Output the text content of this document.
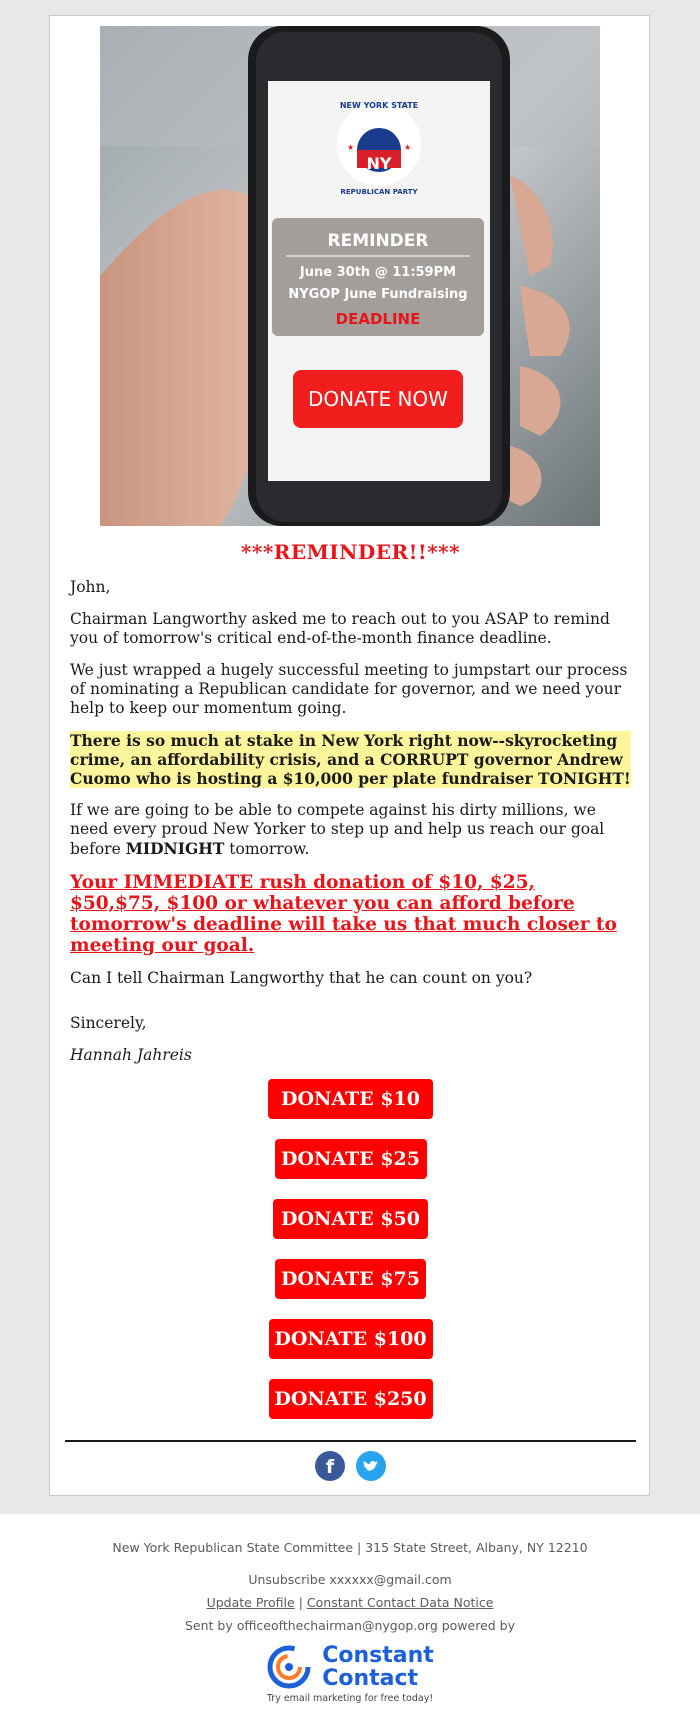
NY
NEW YORK STATE
REPUBLICAN PARTY
★	★
REMINDER
June 30th @ 11:59PM
NYGOP June Fundraising
DEADLINE
DONATE NOW
***REMINDER!!***

John,

Chairman Langworthy asked me to reach out to you ASAP to remind you of tomorrow's critical end-of-the-month finance deadline.

We just wrapped a hugely successful meeting to jumpstart our process of nominating a Republican candidate for governor, and we need your help to keep our momentum going.

There is so much at stake in New York right now--skyrocketing crime, an affordability crisis, and a CORRUPT governor Andrew Cuomo who is hosting a $10,000 per plate fundraiser TONIGHT!

If we are going to be able to compete against his dirty millions, we need every proud New Yorker to step up and help us reach our goal before MIDNIGHT tomorrow.

Your IMMEDIATE rush donation of $10, $25, $50,$75, $100 or whatever you can afford before tomorrow's deadline will take us that much closer to meeting our goal.

Can I tell Chairman Langworthy that he can count on you?

Sincerely,

Hannah Jahreis

DONATE $10
DONATE $25
DONATE $50
DONATE $75
DONATE $100
DONATE $250
f

New York Republican State Committee | 315 State Street, Albany, NY 12210
Unsubscribe xxxxxx@gmail.com
Update Profile | Constant Contact Data Notice
Sent by officeofthechairman@nygop.org powered by

Constant
Contact
Try email marketing for free today!
